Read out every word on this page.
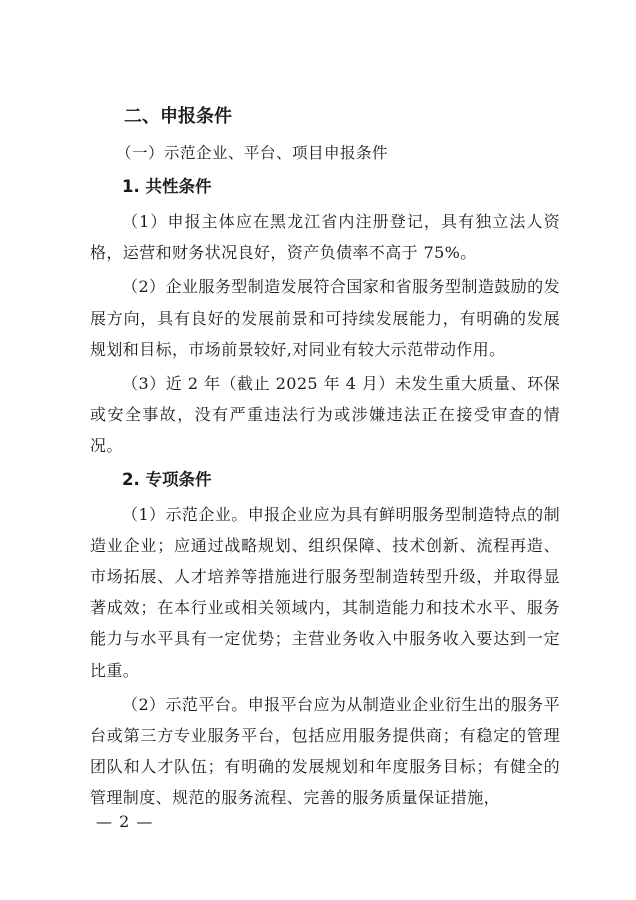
二、申报条件
（一）示范企业、平台、项目申报条件
1. 共性条件

（1）申报主体应在黑龙江省内注册登记，具有独立法人资格，运营和财务状况良好，资产负债率不高于 75%。

（2）企业服务型制造发展符合国家和省服务型制造鼓励的发展方向，具有良好的发展前景和可持续发展能力，有明确的发展规划和目标，市场前景较好,对同业有较大示范带动作用。

（3）近 2 年（截止 2025 年 4 月）未发生重大质量、环保或安全事故，没有严重违法行为或涉嫌违法正在接受审查的情况。

2. 专项条件

（1）示范企业。申报企业应为具有鲜明服务型制造特点的制造业企业；应通过战略规划、组织保障、技术创新、流程再造、市场拓展、人才培养等措施进行服务型制造转型升级，并取得显著成效；在本行业或相关领域内，其制造能力和技术水平、服务能力与水平具有一定优势；主营业务收入中服务收入要达到一定比重。

（2）示范平台。申报平台应为从制造业企业衍生出的服务平台或第三方专业服务平台，包括应用服务提供商；有稳定的管理团队和人才队伍；有明确的发展规划和年度服务目标；有健全的管理制度、规范的服务流程、完善的服务质量保证措施，

— 2 —
